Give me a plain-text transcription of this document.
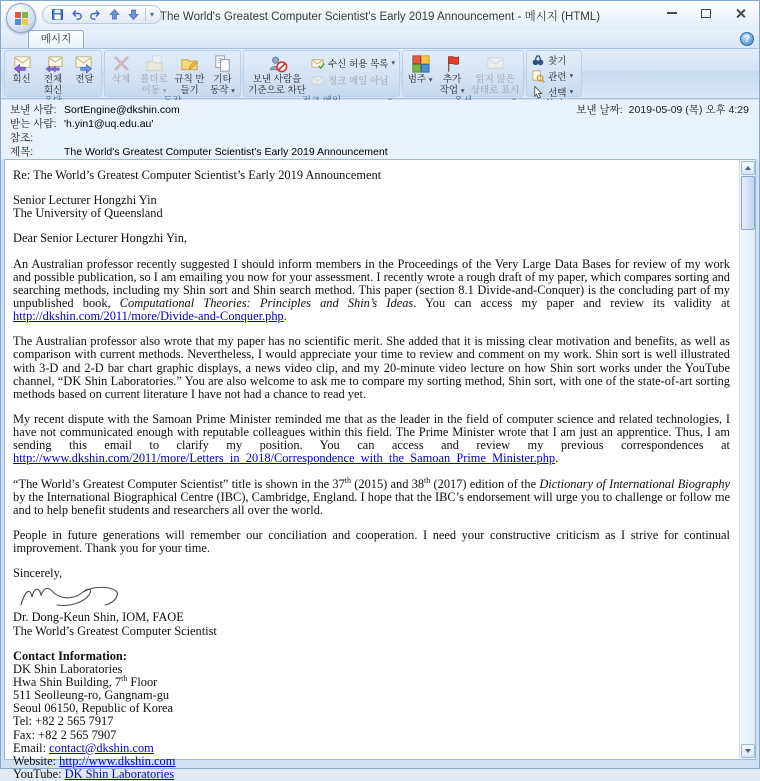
▾ The World's Greatest Computer Scientist's Early 2019 Announcement - 메시지 (HTML)
메시지	?
회신	전체 회신
전달 삭제	폴더로 이동 ▾
규칙 만들기
기타 동작 ▾
보낸 사람을 기준으로 차단
수신 허용 목록 ▾
정크 메일 아님 범주 ▾	추가 작업 ▾
읽지 않은 상태로 표시
찾기
관련 ▾
선택 ▾
보낸 사람: SortEngine@dkshin.com
받는 사람: 'h.yin1@uq.edu.au'
참조:
제목:	The World's Greatest Computer Scientist's Early 2019 Announcement
보낸 날짜: 2019-05-09 (목) 오후 4:29

Re: The World’s Greatest Computer Scientist’s Early 2019 Announcement

Senior Lecturer Hongzhi Yin
The University of Queensland

Dear Senior Lecturer Hongzhi Yin,

An Australian professor recently suggested I should inform members in the Proceedings of the Very Large Data Bases for review of my work and possible publication, so I am emailing you now for your assessment. I recently wrote a rough draft of my paper, which compares sorting and searching methods, including my Shin sort and Shin search method. This paper (section 8.1 Divide-and-Conquer) is the concluding part of my unpublished book, Computational Theories: Principles and Shin’s Ideas. You can access my paper and review its validity at http://dkshin.com/2011/more/Divide-and-Conquer.php.

The Australian professor also wrote that my paper has no scientific merit. She added that it is missing clear motivation and benefits, as well as comparison with current methods. Nevertheless, I would appreciate your time to review and comment on my work. Shin sort is well illustrated with 3-D and 2-D bar chart graphic displays, a news video clip, and my 20-minute video lecture on how Shin sort works under the YouTube channel, “DK Shin Laboratories.” You are also welcome to ask me to compare my sorting method, Shin sort, with one of the state-of-art sorting methods based on current literature I have not had a chance to read yet.

My recent dispute with the Samoan Prime Minister reminded me that as the leader in the field of computer science and related technologies, I have not communicated enough with reputable colleagues within this field. The Prime Minister wrote that I am just an apprentice. Thus, I am sending this email to clarify my position. You can access and review my previous correspondences at http://www.dkshin.com/2011/more/Letters_in_2018/Correspondence_with_the_Samoan_Prime_Minister.php.

“The World’s Greatest Computer Scientist” title is shown in the 37th (2015) and 38th (2017) edition of the Dictionary of International Biography by the International Biographical Centre (IBC), Cambridge, England. I hope that the IBC’s endorsement will urge you to challenge or follow me and to help benefit students and researchers all over the world.

People in future generations will remember our conciliation and cooperation. I need your constructive criticism as I strive for continual improvement. Thank you for your time.

Sincerely,

Dr. Dong-Keun Shin, IOM, FAOE
The World’s Greatest Computer Scientist

Contact Information:
DK Shin Laboratories
Hwa Shin Building, 7th Floor
511 Seolleung-ro, Gangnam-gu
Seoul 06150, Republic of Korea
Tel: +82 2 565 7917
Fax: +82 2 565 7907
Email: contact@dkshin.com
Website: http://www.dkshin.com
YouTube: DK Shin Laboratories
